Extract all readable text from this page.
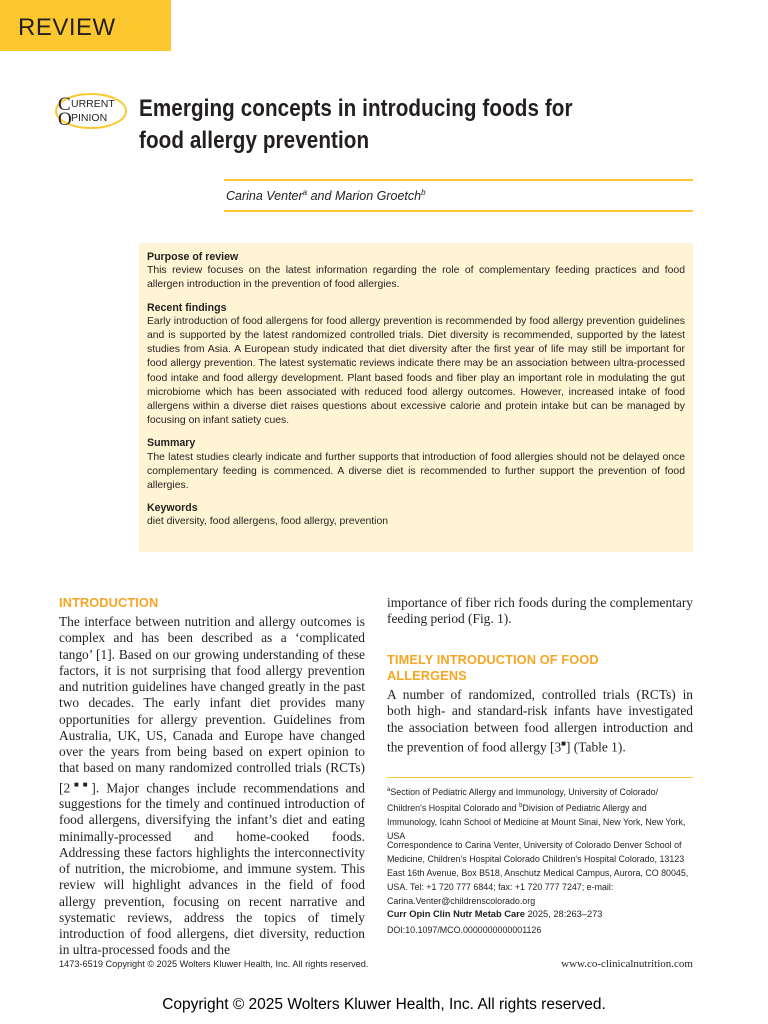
REVIEW
C
O
URRENT
PINION Emerging concepts in introducing foods for food allergy prevention
Carina Venter$^a$ and Marion Groetch$^b$
Purpose of review
This review focuses on the latest information regarding the role of complementary feeding practices and food allergen introduction in the prevention of food allergies.
Recent findings
Early introduction of food allergens for food allergy prevention is recommended by food allergy prevention guidelines and is supported by the latest randomized controlled trials. Diet diversity is recommended, supported by the latest studies from Asia. A European study indicated that diet diversity after the first year of life may still be important for food allergy prevention. The latest systematic reviews indicate there may be an association between ultra-processed food intake and food allergy development. Plant based foods and fiber play an important role in modulating the gut microbiome which has been associated with reduced food allergy outcomes. However, increased intake of food allergens within a diverse diet raises questions about excessive calorie and protein intake but can be managed by focusing on infant satiety cues.
Summary
The latest studies clearly indicate and further supports that introduction of food allergies should not be delayed once complementary feeding is commenced. A diverse diet is recommended to further support the prevention of food allergies.
Keywords
diet diversity, food allergens, food allergy, prevention
INTRODUCTION
The interface between nutrition and allergy outcomes is complex and has been described as a ‘complicated tango’ [1]. Based on our growing understanding of these factors, it is not surprising that food allergy prevention and nutrition guidelines have changed greatly in the past two decades. The early infant diet provides many opportunities for allergy prevention. Guidelines from Australia, UK, US, Canada and Europe have changed over the years from being based on expert opinion to that based on many randomized controlled trials (RCTs) [2■■]. Major changes include recommendations and suggestions for the timely and continued introduction of food allergens, diversifying the infant’s diet and eating minimally-processed and home-cooked foods. Addressing these factors highlights the interconnectivity of nutrition, the microbiome, and immune system. This review will highlight advances in the field of food allergy prevention, focusing on recent narrative and systematic reviews, address the topics of timely introduction of food allergens, diet diversity, reduction in ultra-processed foods and the
importance of fiber rich foods during the complementary feeding period (Fig. 1).
TIMELY INTRODUCTION OF FOOD
ALLERGENS
A number of randomized, controlled trials (RCTs) in both high- and standard-risk infants have investigated the association between food allergen introduction and the prevention of food allergy [3■] (Table 1).
$^a$Section of Pediatric Allergy and Immunology, University of Colorado/ Children’s Hospital Colorado and $^b$Division of Pediatric Allergy and Immunology, Icahn School of Medicine at Mount Sinai, New York, New York, USA
Correspondence to Carina Venter, University of Colorado Denver School of Medicine, Children’s Hospital Colorado Children’s Hospital Colorado, 13123 East 16th Avenue, Box B518, Anschutz Medical Campus, Aurora, CO 80045, USA. Tel: +1 720 777 6844; fax: +1 720 777 7247; e-mail: Carina.Venter@childrenscolorado.org
Curr Opin Clin Nutr Metab Care 2025, 28:263–273
DOI:10.1097/MCO.0000000000001126
1473-6519 Copyright © 2025 Wolters Kluwer Health, Inc. All rights reserved.	www.co-clinicalnutrition.com
Copyright © 2025 Wolters Kluwer Health, Inc. All rights reserved.
